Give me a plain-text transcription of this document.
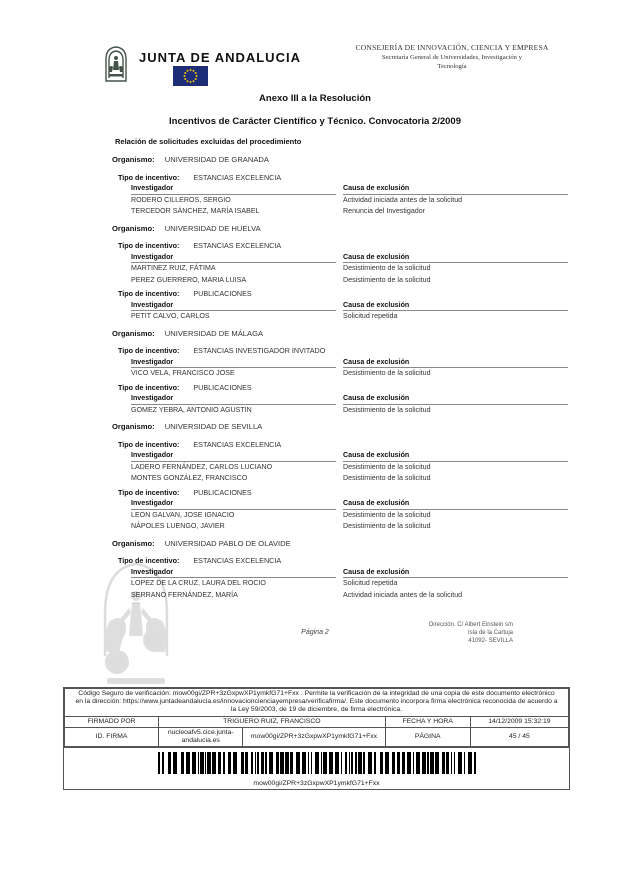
JUNTA DE ANDALUCIA
CONSEJERÍA DE INNOVACIÓN, CIENCIA Y EMPRESA
Secretaría General de Universidades, Investigación y
Tecnología
Anexo III a la Resolución
Incentivos de Carácter Científico y Técnico. Convocatoria 2/2009
Relación de solicitudes excluidas del procedimiento
Organismo: UNIVERSIDAD DE GRANADA
Tipo de incentivo: ESTANCIAS EXCELENCIA
Investigador	Causa de exclusión
RODERO CILLEROS, SERGIO	Actividad iniciada antes de la solicitud
TERCEDOR SÁNCHEZ, MARÍA ISABEL	Renuncia del Investigador
Organismo: UNIVERSIDAD DE HUELVA
Tipo de incentivo: ESTANCIAS EXCELENCIA
Investigador	Causa de exclusión
MARTINEZ RUIZ, FÁTIMA	Desistimiento de la solicitud
PEREZ GUERRERO, MARIA LUISA	Desistimiento de la solicitud
Tipo de incentivo: PUBLICACIONES
Investigador	Causa de exclusión
PETIT CALVO, CARLOS	Solicitud repetida
Organismo: UNIVERSIDAD DE MÁLAGA
Tipo de incentivo: ESTANCIAS INVESTIGADOR INVITADO
Investigador	Causa de exclusión
VICO VELA, FRANCISCO JOSE	Desistimiento de la solicitud
Tipo de incentivo: PUBLICACIONES
Investigador	Causa de exclusión
GOMEZ YEBRA, ANTONIO AGUSTIN	Desistimiento de la solicitud
Organismo: UNIVERSIDAD DE SEVILLA
Tipo de incentivo: ESTANCIAS EXCELENCIA
Investigador	Causa de exclusión
LADERO FERNÁNDEZ, CARLOS LUCIANO	Desistimiento de la solicitud
MONTES GONZÁLEZ, FRANCISCO	Desistimiento de la solicitud
Tipo de incentivo: PUBLICACIONES
Investigador	Causa de exclusión
LEON GALVAN, JOSE IGNACIO	Desistimiento de la solicitud
NÁPOLES LUENGO, JAVIER	Desistimiento de la solicitud
Organismo: UNIVERSIDAD PABLO DE OLAVIDE
Tipo de incentivo: ESTANCIAS EXCELENCIA
Investigador	Causa de exclusión
LOPEZ DE LA CRUZ, LAURA DEL ROCIO	Solicitud repetida
SERRANO FERNÁNDEZ, MARÍA	Actividad iniciada antes de la solicitud
Página 2
Dirección. C/ Albert Einstein s/n
Isla de la Cartuja
41092- SEVILLA
Código Seguro de verificación: mow00gi/ZPR+3zGxpwXP1ymkfG71+Fxx . Permite la verificación de la integridad de una copia de este documento electrónico en la dirección: https://www.juntadeandalucia.es/innovacioncienciayempresa/verificafirma/. Este documento incorpora firma electrónica reconocida de acuerdo a la Ley 59/2003, de 19 de diciembre, de firma electrónica.				
FIRMADO POR	TRIGUERO RUIZ, FRANCISCO		FECHA Y HORA	14/12/2009 15:32:19
ID. FIRMA	nucleoafv5.cice.junta-andalucia.es	mow00gi/ZPR+3zGxpwXP1ymkfG71+Fxx	PÁGINA	45 / 45
mow00gi/ZPR+3zGxpwXP1ymkfG71+Fxx
